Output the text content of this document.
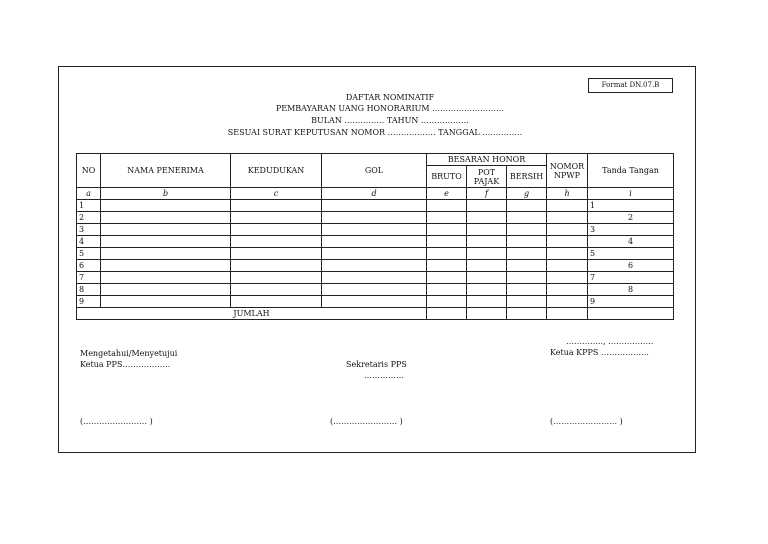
Format DN.07.B
DAFTAR NOMINATIF
PEMBAYARAN UANG HONORARIUM ………………………
BULAN …………… TAHUN ………………
SESUAI SURAT KEPUTUSAN NOMOR ……………… TANGGAL ……………
NO	NAMA PENERIMA	KEDUDUKAN	GOL	BESARAN HONOR			NOMOR NPWP	Tanda Tangan
				BRUTO	POT PAJAK	BERSIH		
a	b	c	d	e	f	g	h	i
1								1
2								2
3								3
4								4
5								5
6								6
7								7
8								8
9								9
JUMLAH								
Mengetahui/Menyetujui
Ketua PPS………………
(…………………… )
Sekretaris PPS
……………
(…………………… )
………….., ……………..
Ketua KPPS ………………
(…………………… )
